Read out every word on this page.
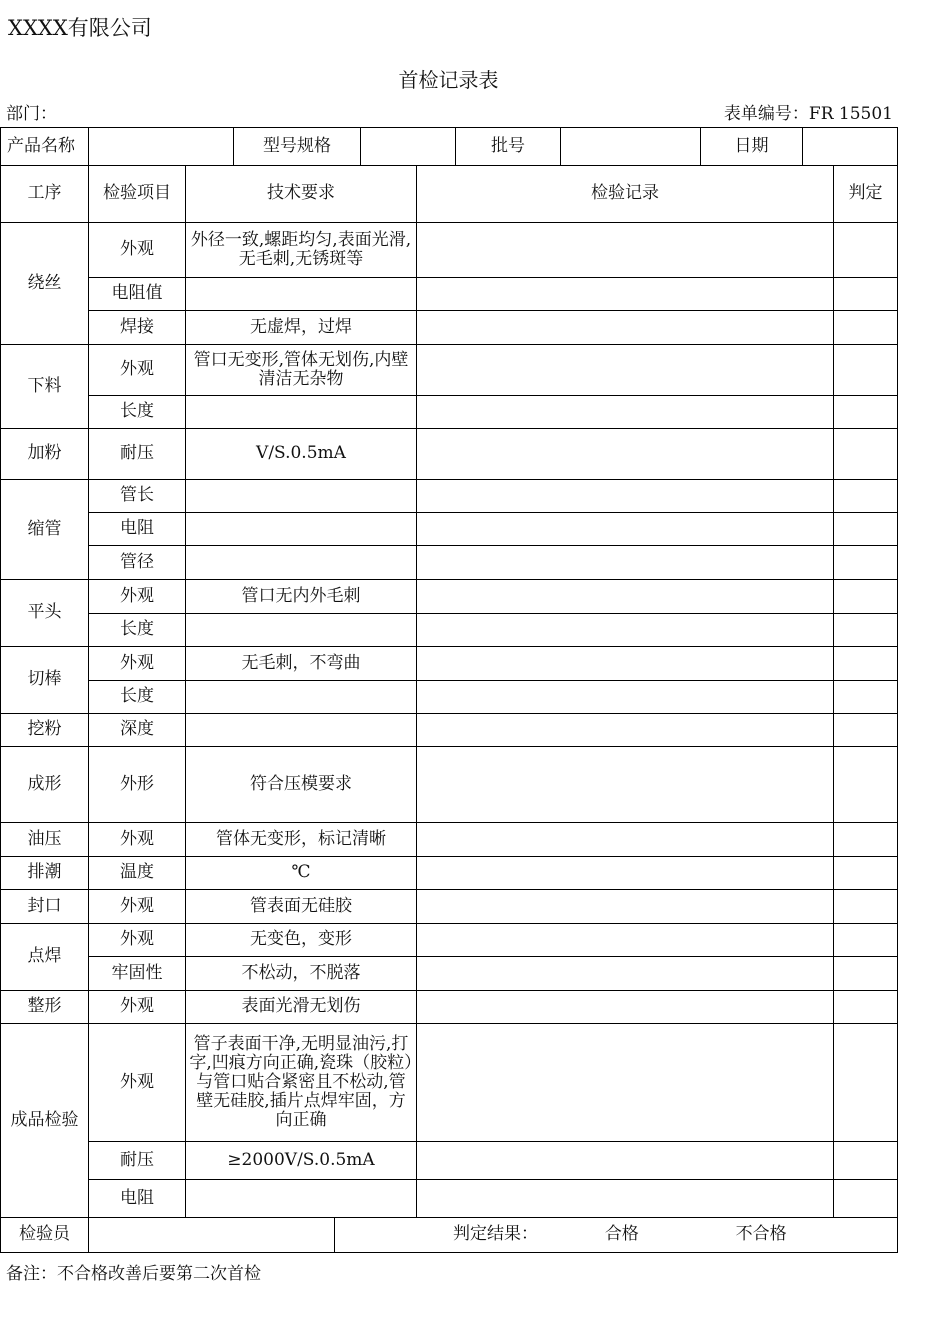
XXXX有限公司
首检记录表
部门：	表单编号：FR 15501
产品名称		型号规格		批号		日期	
工序	检验项目	技术要求	检验记录	判定
绕丝	外观	外径一致,螺距均匀,表面光滑,无毛刺,无锈斑等		
	电阻值			
	焊接	无虚焊，过焊		
下料	外观	管口无变形,管体无划伤,内壁清洁无杂物		
	长度			
加粉	耐压	V/S.0.5mA		
缩管	管长			
	电阻			
	管径			
平头	外观	管口无内外毛刺		
	长度			
切棒	外观	无毛刺，不弯曲		
	长度			
挖粉	深度			
成形	外形	符合压模要求		
油压	外观	管体无变形，标记清晰		
排潮	温度	℃		
封口	外观	管表面无硅胶		
点焊	外观	无变色，变形		
	牢固性	不松动，不脱落		
整形	外观	表面光滑无划伤		
成品检验	外观	管子表面干净,无明显油污,打字,凹痕方向正确,瓷珠（胶粒）与管口贴合紧密且不松动,管壁无硅胶,插片点焊牢固，方向正确		
	耐压	≥2000V/S.0.5mA		
	电阻			
检验员		判定结果：	合格	不合格
备注：不合格改善后要第二次首检
